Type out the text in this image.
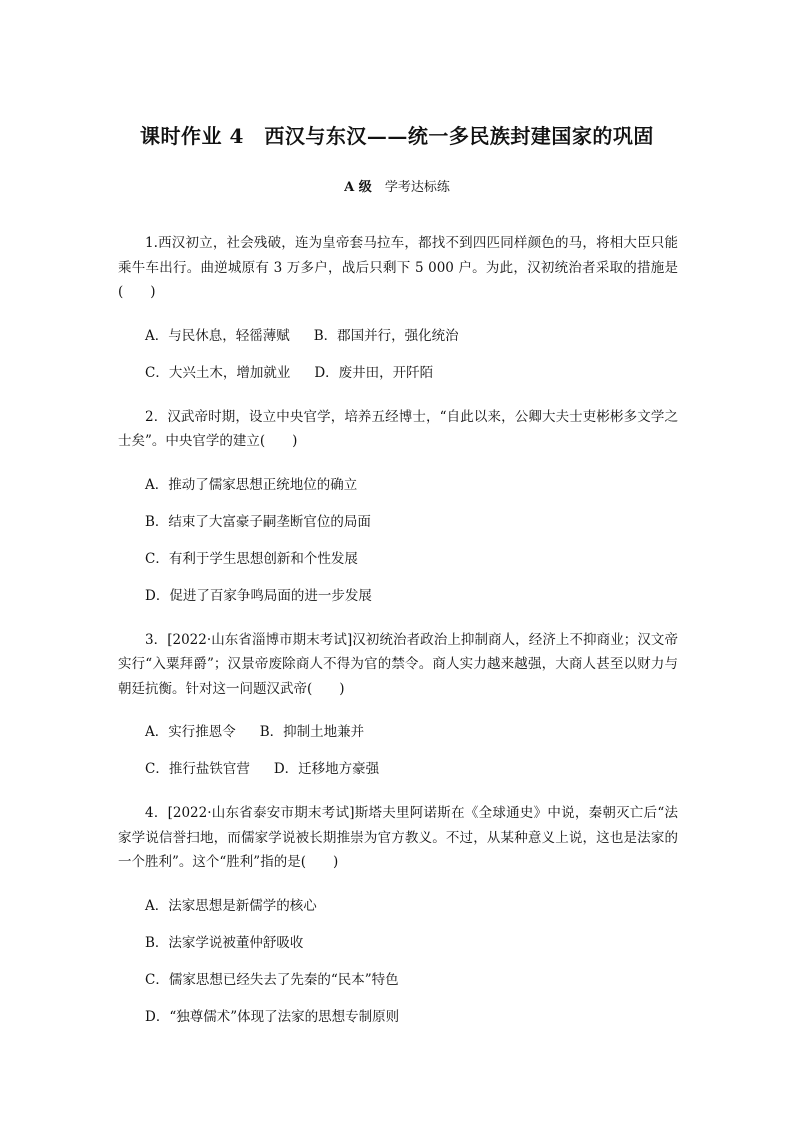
课时作业 4　西汉与东汉——统一多民族封建国家的巩固
A 级　 学考达标练

1.西汉初立，社会残破，连为皇帝套马拉车，都找不到四匹同样颜色的马，将相大臣只能乘牛车出行。曲逆城原有 3 万多户，战后只剩下 5 000 户。为此，汉初统治者采取的措施是(　　)

A．与民休息，轻徭薄赋 B．郡国并行，强化统治

C．大兴土木，增加就业 D．废井田，开阡陌

2．汉武帝时期，设立中央官学，培养五经博士，“自此以来，公卿大夫士吏彬彬多文学之士矣”。中央官学的建立(　　)

A．推动了儒家思想正统地位的确立

B．结束了大富豪子嗣垄断官位的局面

C．有利于学生思想创新和个性发展

D．促进了百家争鸣局面的进一步发展

3．[2022·山东省淄博市期末考试]汉初统治者政治上抑制商人，经济上不抑商业；汉文帝实行“入粟拜爵”；汉景帝废除商人不得为官的禁令。商人实力越来越强，大商人甚至以财力与朝廷抗衡。针对这一问题汉武帝(　　)

A．实行推恩令 B．抑制土地兼并

C．推行盐铁官营 D．迁移地方豪强

4．[2022·山东省泰安市期末考试]斯塔夫里阿诺斯在《全球通史》中说，秦朝灭亡后“法家学说信誉扫地，而儒家学说被长期推崇为官方教义。不过，从某种意义上说，这也是法家的一个胜利”。这个“胜利”指的是(　　)

A．法家思想是新儒学的核心

B．法家学说被董仲舒吸收

C．儒家思想已经失去了先秦的“民本”特色

D．“独尊儒术”体现了法家的思想专制原则
